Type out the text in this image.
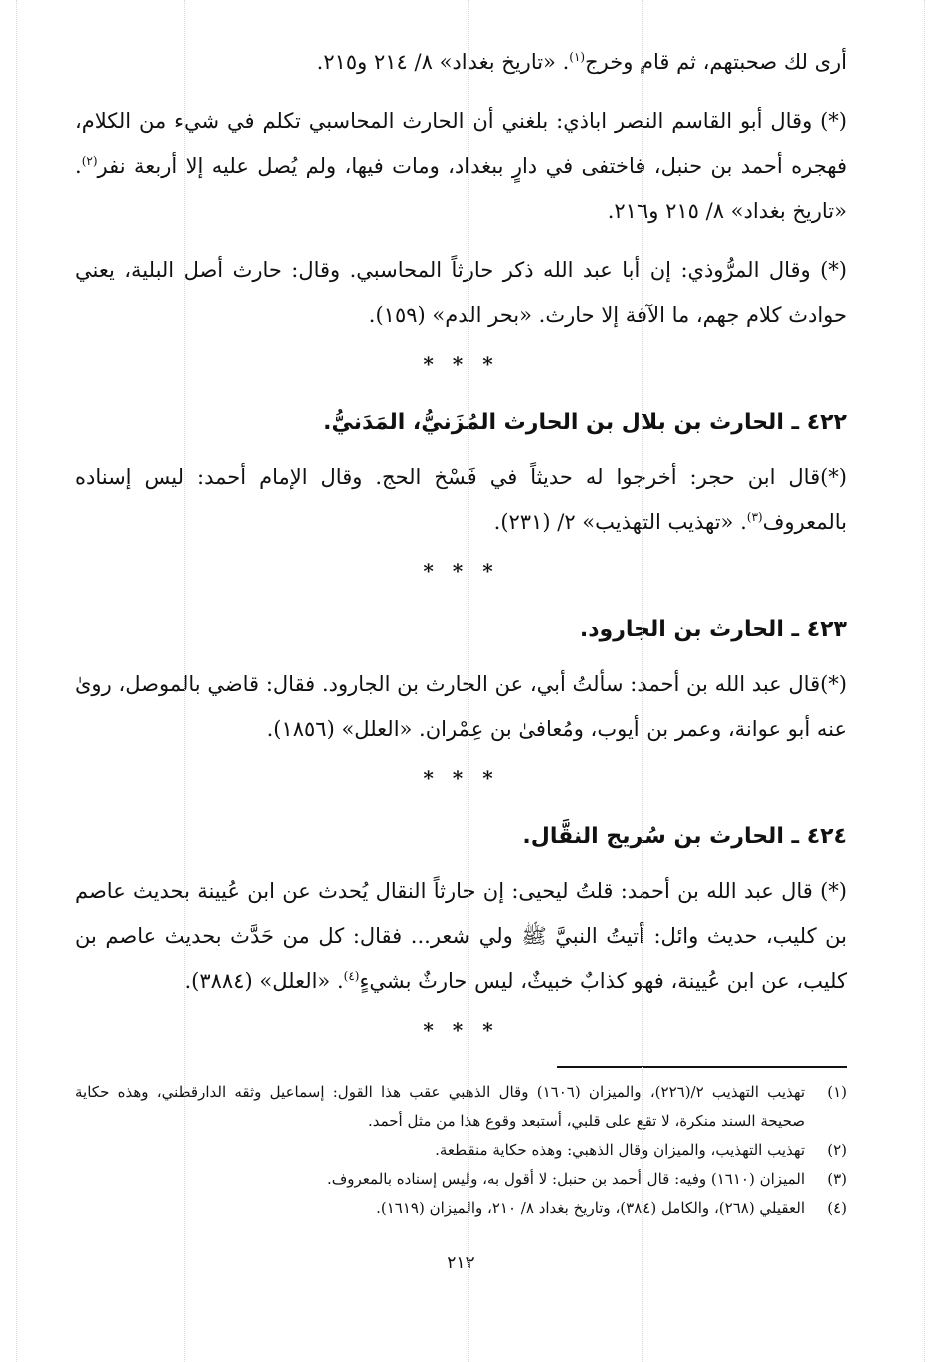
أرى لك صحبتهم، ثم قام وخرج$^{(١)}$. «تاريخ بغداد» ٨/ ٢١٤ و٢١٥.

(*) وقال أبو القاسم النصر اباذي: بلغني أن الحارث المحاسبي تكلم في شيء من الكلام، فهجره أحمد بن حنبل، فاختفى في دارٍ ببغداد، ومات فيها، ولم يُصل عليه إلا أربعة نفر$^{(٢)}$. «تاريخ بغداد» ٨/ ٢١٥ و٢١٦.

(*) وقال المرُّوذي: إن أبا عبد الله ذكر حارثاً المحاسبي. وقال: حارث أصل البلية، يعني حوادث كلام جهم، ما الآفة إلا حارث. «بحر الدم» (١٥٩).

* * *
٤٢٢ ـ الحارث بن بلال بن الحارث المُزَنيُّ، المَدَنيُّ.

(*)قال ابن حجر: أخرجوا له حديثاً في فَسْخ الحج. وقال الإمام أحمد: ليس إسناده بالمعروف$^{(٣)}$. «تهذيب التهذيب» ٢/ (٢٣١).

* * *
٤٢٣ ـ الحارث بن الجارود.

(*)قال عبد الله بن أحمد: سألتُ أبي، عن الحارث بن الجارود. فقال: قاضي بالموصل، روىٰ عنه أبو عوانة، وعمر بن أيوب، ومُعافىٰ بن عِمْران. «العلل» (١٨٥٦).

* * *
٤٢٤ ـ الحارث بن سُريج النقَّال.

(*) قال عبد الله بن أحمد: قلتُ ليحيى: إن حارثاً النقال يُحدث عن ابن عُيينة بحديث عاصم بن كليب، حديث وائل: أتيتُ النبيَّ ﷺ ولي شعر... فقال: كل من حَدَّث بحديث عاصم بن كليب، عن ابن عُيينة، فهو كذابٌ خبيثٌ، ليس حارثٌ بشيءٍ$^{(٤)}$. «العلل» (٣٨٨٤).

* * *
(١)
تهذيب التهذيب ٢/(٢٢٦)، والميزان (١٦٠٦) وقال الذهبي عقب هذا القول: إسماعيل وثقه الدارقطني، وهذه حكاية صحيحة السند منكرة، لا تقع على قلبي، أستبعد وقوع هذا من مثل أحمد.
(٢)
تهذيب التهذيب، والميزان وقال الذهبي: وهذه حكاية منقطعة.
(٣)
الميزان (١٦١٠) وفيه: قال أحمد بن حنبل: لا أقول به، وليس إسناده بالمعروف.
(٤)
العقيلي (٢٦٨)، والكامل (٣٨٤)، وتاريخ بغداد ٨/ ٢١٠، والميزان (١٦١٩).
٢١٢
